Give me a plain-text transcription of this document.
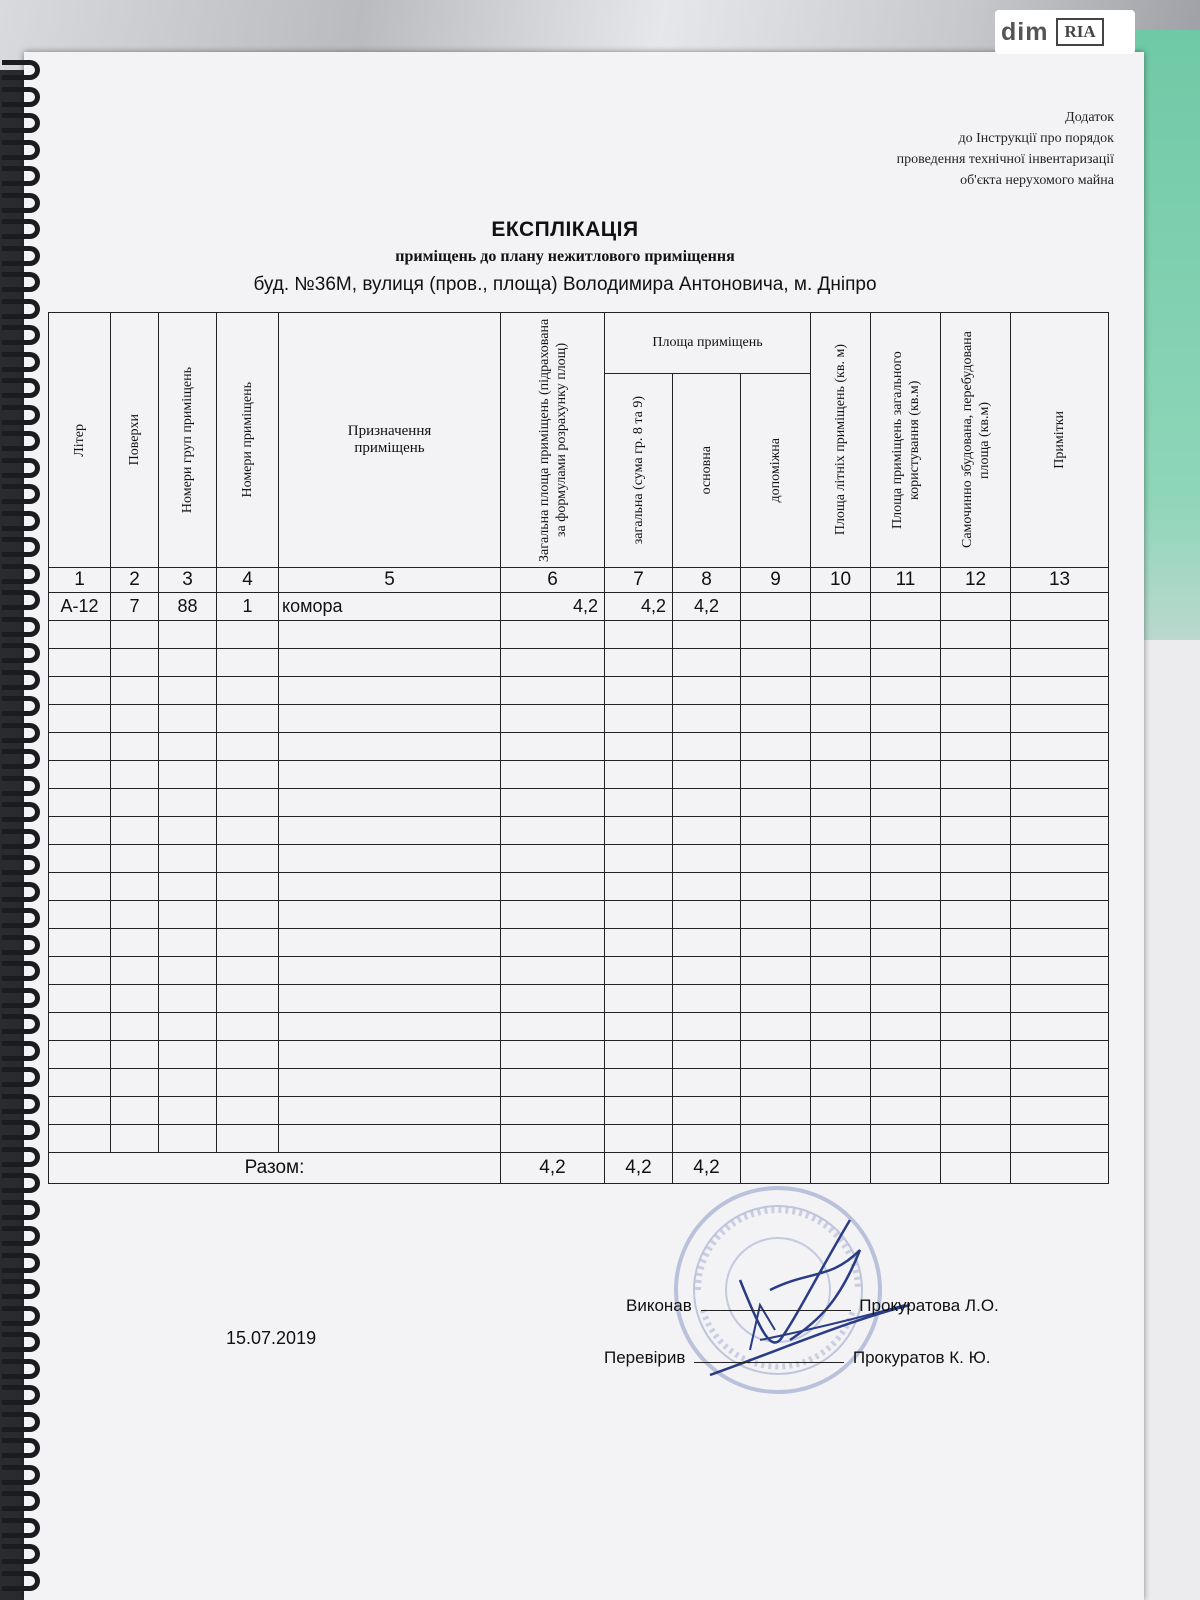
dim RIA
Додаток
до Інструкції про порядок
проведення технічної інвентаризації
об'єкта нерухомого майна
ЕКСПЛІКАЦІЯ
приміщень до плану нежитлового приміщення
буд. №36М, вулиця (пров., площа) Володимира Антоновича, м. Дніпро
Літер	Поверхи	Номери груп приміщень	Номери приміщень	Призначення приміщень	Загальна площа приміщень (підрахована за формулами розрахунку площ)	Площа приміщень			Площа літніх приміщень (кв. м)	Площа приміщень загального користування (кв.м)	Самочинно збудована, перебудована площа (кв.м)	Примітки

						загальна (сума гр. 8 та 9)	основна	допоміжна				

1	2	3	4	5	6	7	8	9	10	11	12	13
А-12	7	88	1	комора	4,2	4,2	4,2					

Разом:					4,2	4,2	4,2					
15.07.2019
Виконав	Прокуратова Л.О.
Перевірив	Прокуратов К. Ю.
